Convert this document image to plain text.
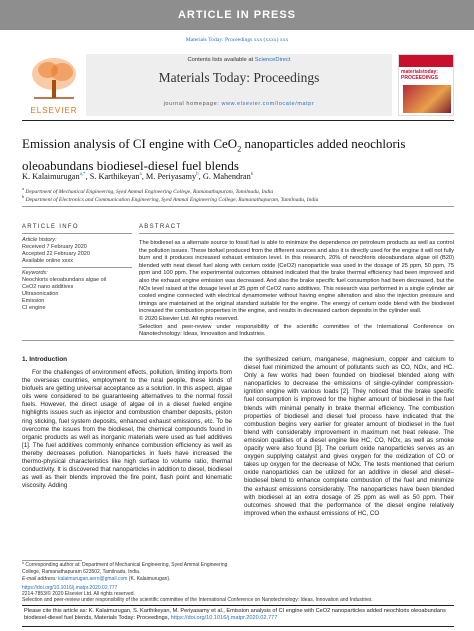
ARTICLE IN PRESS
Materials Today: Proceedings xxx (xxxx) xxx
ELSEVIER
Contents lists available at ScienceDirect
Materials Today: Proceedings
journal homepage: www.elsevier.com/locate/matpr
materialstoday: PROCEEDINGS
Emission analysis of CI engine with CeO$_2$ nanoparticles added neochloris
oleoabundans biodiesel-diesel fuel blends
K. Kalaimurugan$^{a,*}$, S. Karthikeyan$^a$, M. Periyasamy$^b$, G. Mahendran$^b$
$^a$ Department of Mechanical Engineering, Syed Ammal Engineering College, Ramanathapuram, Tamilnadu, India
$^b$ Department of Electronics and Communication Engineering, Syed Ammal Engineering College, Ramanathapuram, Tamilnadu, India
ARTICLE INFO
Article history:
Received 7 February 2020
Accepted 22 February 2020
Available online xxxx
Keywords:
Neochloris oleoabundans algae oil
CeO2 nano additives
Ultrasonication
Emission
CI engine
ABSTRACT
The biodiesel as a alternate source to fossil fuel is able to minimize the dependence on petroleum products as well as control the pollution issues. These biofuel produced from the different sources and also it is directly used for the engine it will not fully burn and it produces increased exhaust emission level. In this research, 20% of neochloris oleoabundans algae oil (B20) blended with neat diesel fuel along with cerium oxide (CeO2) nanoparticle was used in the dosage of 25 ppm, 50 ppm, 75 ppm and 100 ppm. The experimental outcomes obtained indicated that the brake thermal efficiency had been improved and also the exhaust engine emission was decreased. And also the brake specific fuel consumption had been decreased, but the NOx level raised at the dosage level at 25 ppm of CeO2 nano additives. This research was performed in a single cylinder air cooled engine connected with electrical dynamometer without having engine alteration and also the injection pressure and timings are maintained at the original standard suitable for the engine. The energy of cerium oxide blend with the biodiesel increased the combustion properties in the engine, and results in decreased carbon deposits in the cylinder wall.
© 2020 Elsevier Ltd. All rights reserved.
Selection and peer-review under responsibility of the scientific committee of the International Conference on Nanotechnology: Ideas, Innovation and Industries.
1. Introduction
For the challenges of environment effects, pollution, limiting imports from the overseas countries, employment to the rural people, these kinds of biofuels are getting universal acceptance as a solution. In this aspect, algae oils were considered to be guaranteeing alternatives to the normal fossil fuels. However, the direct usage of algae oil in a diesel fueled engine highlights issues such as injector and combustion chamber deposits, piston ring sticking, fuel system deposits, enhanced exhaust emissions, etc. To be overcome the issues from the biodiesel, the chemical compounds found in organic products as well as inorganic materials were used as fuel additives [1]. The fuel additives commonly enhance combustion efficiency as well as thereby decreases pollution. Nanoparticles in fuels have increased the thermo-physical characteristics like high surface to volume ratio, thermal conductivity. It is discovered that nanoparticles in addition to diesel, biodiesel as well as their blends improved the fire point, flash point and kinematic viscosity. Adding
the synthesized cerium, manganese, magnesium, copper and calcium to diesel fuel minimized the amount of pollutants such as CO, NOx, and HC. Only a few works had been founded on biodiesel blended along with nanoparticles to decrease the emissions of single-cylinder compression-ignition engine with various loads [2]. They noticed that the brake specific fuel consumption is improved for the higher amount of biodiesel in the fuel blends with minimal penalty in brake thermal efficiency. The combustion properties of biodiesel and diesel fuel process have indicated that the combustion begins very earlier for greater amount of biodiesel in the fuel blend with considerably improvement in maximum net heat release. The emission qualities of a diesel engine like HC, CO, NOx, as well as smoke opacity were also found [3]. The cerium oxide nanoparticles serves as an oxygen supplying catalyst and gives oxygen for the oxidization of CO or takes up oxygen for the decrease of NOx. The tests mentioned that cerium oxide nanoparticles can be utilized for an additive in diesel and diesel–biodiesel blend to enhance complete combustion of the fuel and minimize the exhaust emissions considerably. The nanoparticles have been blended with biodiesel at an extra dosage of 25 ppm as well as 50 ppm. Their outcomes showed that the performance of the diesel engine relatively improved when the exhaust emissions of HC, CO
* Corresponding author at: Department of Mechanical Engineering, Syed Ammal Engineering College, Ramanathapuram 623502, Tamilnadu, India.
E-mail address: kalaimurugan.aero@gmail.com (K. Kalaimurugan).
https://doi.org/10.1016/j.matpr.2020.02.777
2214-7853/© 2020 Elsevier Ltd. All rights reserved.
Selection and peer-review under responsibility of the scientific committee of the International Conference on Nanotechnology: Ideas, Innovation and Industries.
Please cite this article as: K. Kalaimurugan, S. Karthikeyan, M. Periyasamy et al., Emission analysis of CI engine with CeO2 nanoparticles added neochloris oleoabundans biodiesel-diesel fuel blends, Materials Today: Proceedings, https://doi.org/10.1016/j.matpr.2020.02.777
